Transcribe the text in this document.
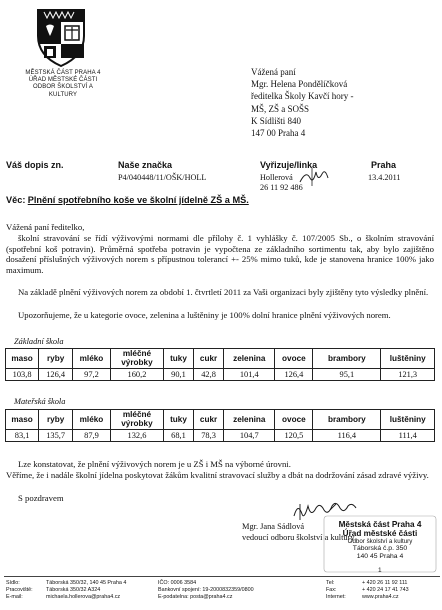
MĚSTSKÁ ČÁST PRAHA 4
ÚŘAD MĚSTSKÉ ČÁSTI
ODBOR ŠKOLSTVÍ A
KULTURY
Vážená paní
Mgr. Helena Pondělíčková
ředitelka Školy Kavčí hory -
MŠ, ZŠ a SOŠS
K Sídlišti 840
147 00 Praha 4
Váš dopis zn.	Naše značka
P4/040448/11/OŠK/HOLL
Vyřizuje/linka
Hollerová
26 11 92 486
Praha
13.4.2011
Věc: Plnění spotřebního koše ve školní jídelně ZŠ a MŠ.
Vážená paní ředitelko,
školní stravování se řídí výživovými normami dle přílohy č. 1 vyhlášky č. 107/2005 Sb., o školním stravování (spotřební koš potravin). Průměrná spotřeba potravin je vypočtena ze základního sortimentu tak, aby bylo zajištěno dosažení příslušných výživových norem s přípustnou tolerancí +- 25% mimo tuků, kde je stanovena hranice 100% jako maximum.
Na základě plnění výživových norem za období 1. čtvrtletí 2011 za Vaši organizaci byly zjištěny tyto výsledky plnění.
Upozorňujeme, že u kategorie ovoce, zelenina a luštěniny je 100% dolní hranice plnění výživových norem.
Základní škola
maso	ryby	mléko	mléčné výrobky	tuky	cukr	zelenina	ovoce	brambory	luštěniny
103,8	126,4	97,2	160,2	90,1	42,8	101,4	126,4	95,1	121,3
Mateřská škola
maso	ryby	mléko	mléčné výrobky	tuky	cukr	zelenina	ovoce	brambory	luštěniny
83,1	135,7	87,9	132,6	68,1	78,3	104,7	120,5	116,4	111,4
Lze konstatovat, že plnění výživových norem je u ZŠ i MŠ na výborné úrovni.
Věříme, že i nadále školní jídelna poskytovat žákům kvalitní stravovací služby a dbát na dodržování zásad zdravé výživy.
S pozdravem
Mgr. Jana Sádlová
vedoucí odboru školství a kultury
Městská část Praha 4
Úřad městské části
Odbor školství a kultury
Táborská č.p. 350
140 45 Praha 4
1
Sídlo:
Pracoviště:
E-mail:
Táborská 350/32, 140 45 Praha 4
Táborská 350/32 A324
michaela.hollerova@praha4.cz
IČO: 0006 3584
Bankovní spojení: 19-2000832359/0800
E-podatelna: posta@praha4.cz
Tel:
Fax:
Internet:
+ 420 26 11 92 111
+ 420 24 17 41 743
www.praha4.cz
